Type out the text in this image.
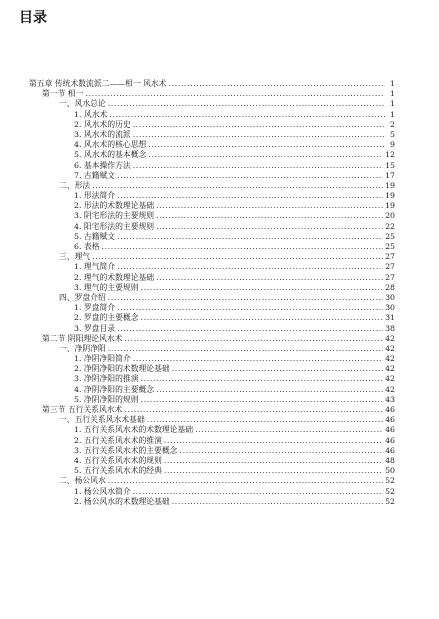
目录
第五章 传统术数流派二——相一 风水术 .....	1
第一节 相一 .....	1
一、风水总论 .....	1
1. 风水术 .....	1
2. 风水术的历史 .....	2
3. 风水术的流派 .....	5
4. 风水术的核心思想 .....	9
5. 风水术的基本概念 .....	12
6. 基本操作方法 .....	15
7. 古籍赋文 .....	17
二、形法 .....	19
1. 形法简介 .....	19
2. 形法的术数理论基础 .....	19
3. 阴宅形法的主要规则 .....	20
4. 阳宅形法的主要规则 .....	22
5. 古籍赋文 .....	25
6. 表格 .....	25
三、理气 .....	27
1. 理气简介 .....	27
2. 理气的术数理论基础 .....	27
3. 理气的主要规则 .....	28
四、罗盘介绍 .....	30
1. 罗盘简介 .....	30
2. 罗盘的主要概念 .....	31
3. 罗盘目录 .....	38
第二节 阴阳理论风水术 .....	42
一、净阴净阳 .....	42
1. 净阴净阳简介 .....	42
2. 净阴净阳的术数理论基础 .....	42
3. 净阴净阳的推演 .....	42
4. 净阴净阳的主要概念 .....	42
5. 净阴净阳的规则 .....	43
第三节 五行关系风水术 .....	46
一、五行关系风水术基础 .....	46
1. 五行关系风水术的术数理论基础 .....	46
2. 五行关系风水术的推演 .....	46
3. 五行关系风水术的主要概念 .....	46
4. 五行关系风水术的规则 .....	48
5. 五行关系风水术的经典 .....	50
二、杨公风水 .....	52
1. 杨公风水简介 .....	52
2. 杨公风水的术数理论基础 .....	52
